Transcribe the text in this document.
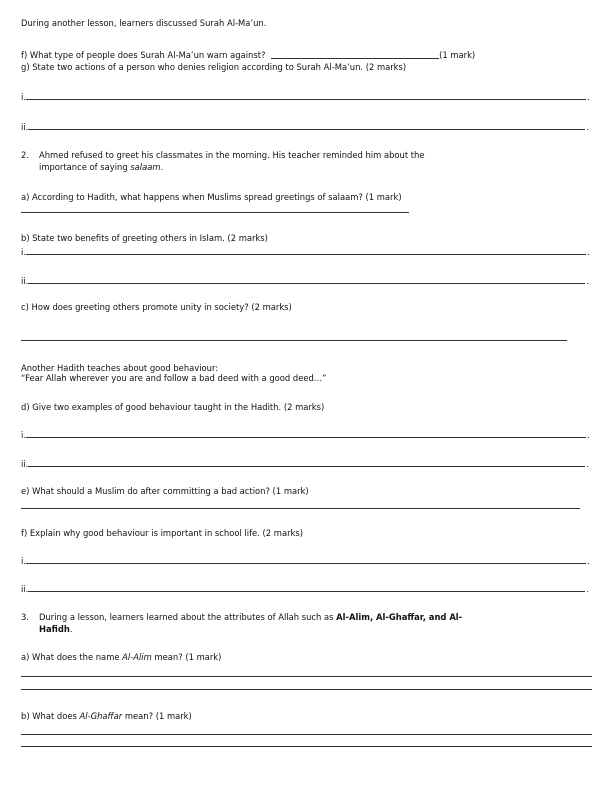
During another lesson, learners discussed Surah Al-Ma’un.
f) What type of people does Surah Al-Ma’un warn against?	(1 mark)
g) State two actions of a person who denies religion according to Surah Al-Ma’un. (2 marks)
i.	.
ii.	.
2. Ahmed refused to greet his classmates in the morning. His teacher reminded him about the
importance of saying salaam.
a) According to Hadith, what happens when Muslims spread greetings of salaam? (1 mark)
b) State two benefits of greeting others in Islam. (2 marks)
i.	.
ii.	.
c) How does greeting others promote unity in society? (2 marks)
Another Hadith teaches about good behaviour:
“Fear Allah wherever you are and follow a bad deed with a good deed…”
d) Give two examples of good behaviour taught in the Hadith. (2 marks)
i.	.
ii.	.
e) What should a Muslim do after committing a bad action? (1 mark)
f) Explain why good behaviour is important in school life. (2 marks)
i.	.
ii.	.
3. During a lesson, learners learned about the attributes of Allah such as Al-Alim, Al-Ghaffar, and Al-
Hafidh.
a) What does the name Al-Alim mean? (1 mark)
b) What does Al-Ghaffar mean? (1 mark)
